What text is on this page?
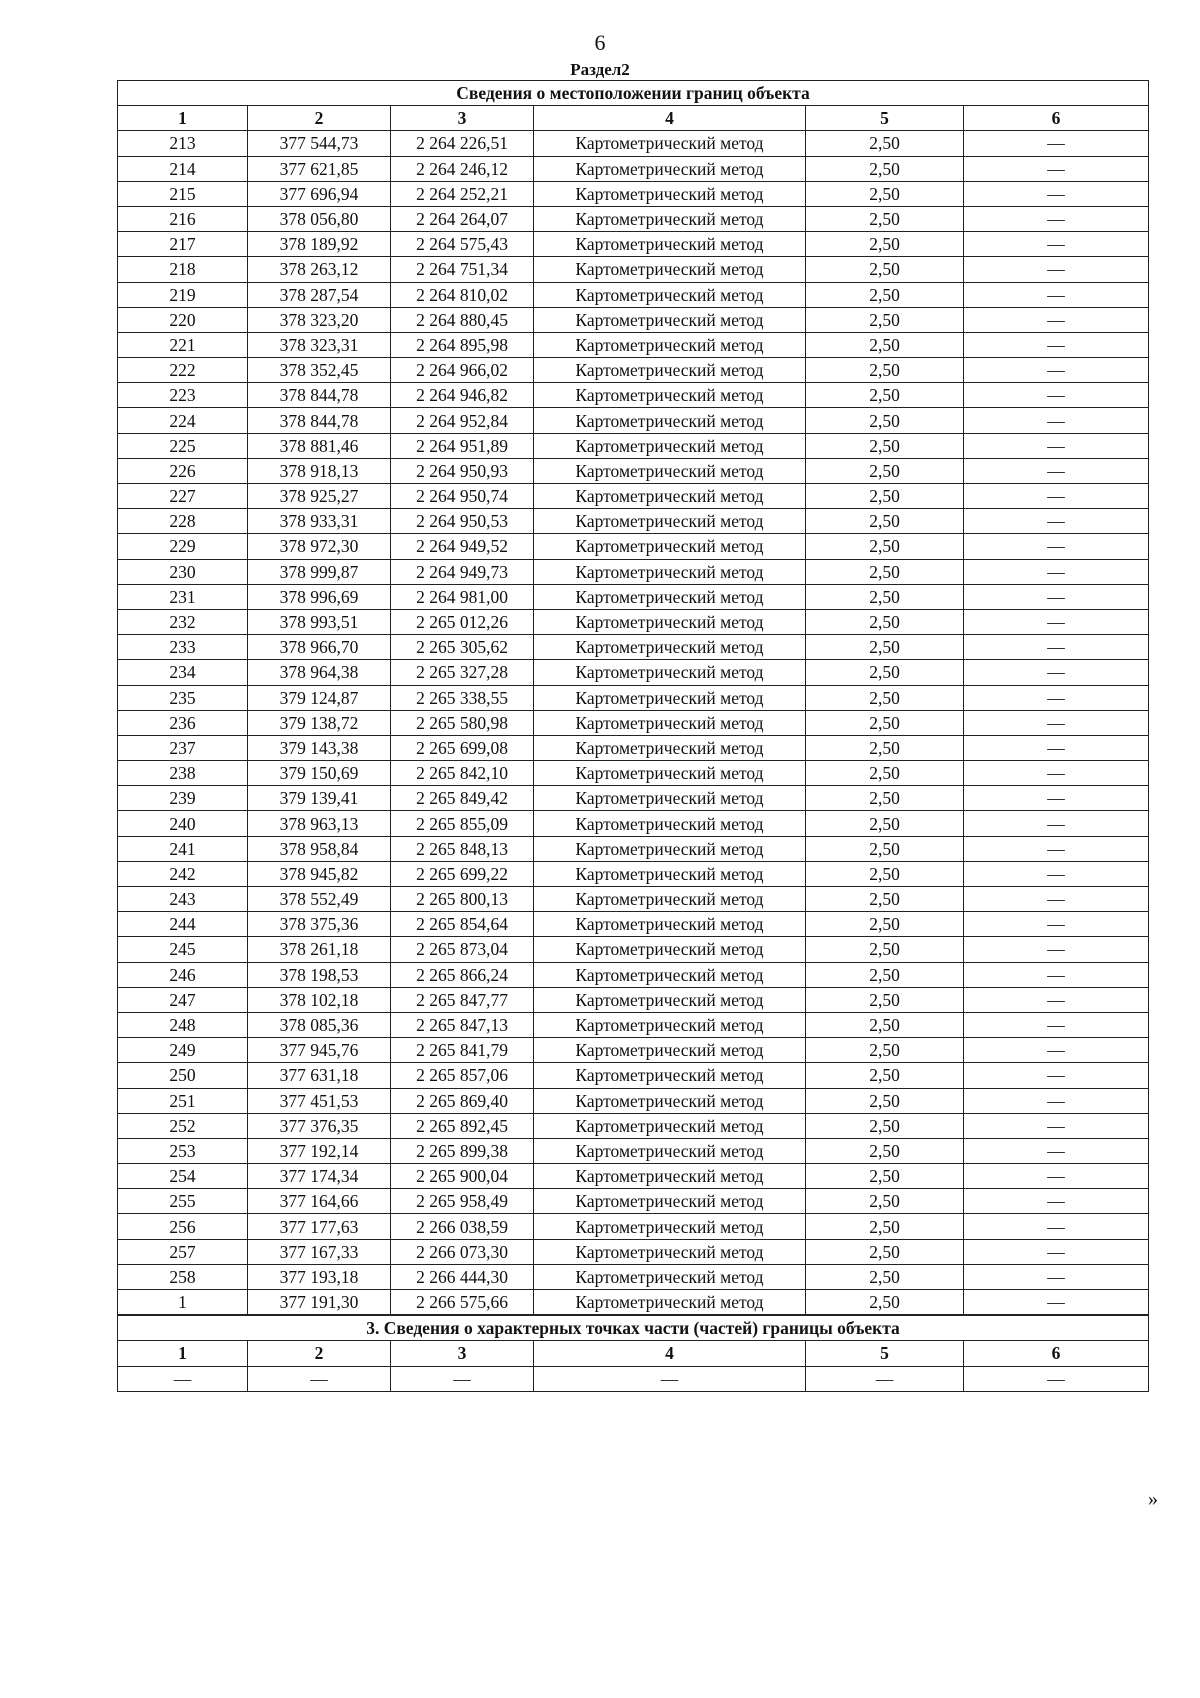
6
Раздел2
Сведения о местоположении границ объекта					
1	2	3	4	5	6
213	377 544,73	2 264 226,51	Картометрический метод	2,50	—
214	377 621,85	2 264 246,12	Картометрический метод	2,50	—
215	377 696,94	2 264 252,21	Картометрический метод	2,50	—
216	378 056,80	2 264 264,07	Картометрический метод	2,50	—
217	378 189,92	2 264 575,43	Картометрический метод	2,50	—
218	378 263,12	2 264 751,34	Картометрический метод	2,50	—
219	378 287,54	2 264 810,02	Картометрический метод	2,50	—
220	378 323,20	2 264 880,45	Картометрический метод	2,50	—
221	378 323,31	2 264 895,98	Картометрический метод	2,50	—
222	378 352,45	2 264 966,02	Картометрический метод	2,50	—
223	378 844,78	2 264 946,82	Картометрический метод	2,50	—
224	378 844,78	2 264 952,84	Картометрический метод	2,50	—
225	378 881,46	2 264 951,89	Картометрический метод	2,50	—
226	378 918,13	2 264 950,93	Картометрический метод	2,50	—
227	378 925,27	2 264 950,74	Картометрический метод	2,50	—
228	378 933,31	2 264 950,53	Картометрический метод	2,50	—
229	378 972,30	2 264 949,52	Картометрический метод	2,50	—
230	378 999,87	2 264 949,73	Картометрический метод	2,50	—
231	378 996,69	2 264 981,00	Картометрический метод	2,50	—
232	378 993,51	2 265 012,26	Картометрический метод	2,50	—
233	378 966,70	2 265 305,62	Картометрический метод	2,50	—
234	378 964,38	2 265 327,28	Картометрический метод	2,50	—
235	379 124,87	2 265 338,55	Картометрический метод	2,50	—
236	379 138,72	2 265 580,98	Картометрический метод	2,50	—
237	379 143,38	2 265 699,08	Картометрический метод	2,50	—
238	379 150,69	2 265 842,10	Картометрический метод	2,50	—
239	379 139,41	2 265 849,42	Картометрический метод	2,50	—
240	378 963,13	2 265 855,09	Картометрический метод	2,50	—
241	378 958,84	2 265 848,13	Картометрический метод	2,50	—
242	378 945,82	2 265 699,22	Картометрический метод	2,50	—
243	378 552,49	2 265 800,13	Картометрический метод	2,50	—
244	378 375,36	2 265 854,64	Картометрический метод	2,50	—
245	378 261,18	2 265 873,04	Картометрический метод	2,50	—
246	378 198,53	2 265 866,24	Картометрический метод	2,50	—
247	378 102,18	2 265 847,77	Картометрический метод	2,50	—
248	378 085,36	2 265 847,13	Картометрический метод	2,50	—
249	377 945,76	2 265 841,79	Картометрический метод	2,50	—
250	377 631,18	2 265 857,06	Картометрический метод	2,50	—
251	377 451,53	2 265 869,40	Картометрический метод	2,50	—
252	377 376,35	2 265 892,45	Картометрический метод	2,50	—
253	377 192,14	2 265 899,38	Картометрический метод	2,50	—
254	377 174,34	2 265 900,04	Картометрический метод	2,50	—
255	377 164,66	2 265 958,49	Картометрический метод	2,50	—
256	377 177,63	2 266 038,59	Картометрический метод	2,50	—
257	377 167,33	2 266 073,30	Картометрический метод	2,50	—
258	377 193,18	2 266 444,30	Картометрический метод	2,50	—
1	377 191,30	2 266 575,66	Картометрический метод	2,50	—
3. Сведения о характерных точках части (частей) границы объекта					
1	2	3	4	5	6
—	—	—	—	—	—
»
